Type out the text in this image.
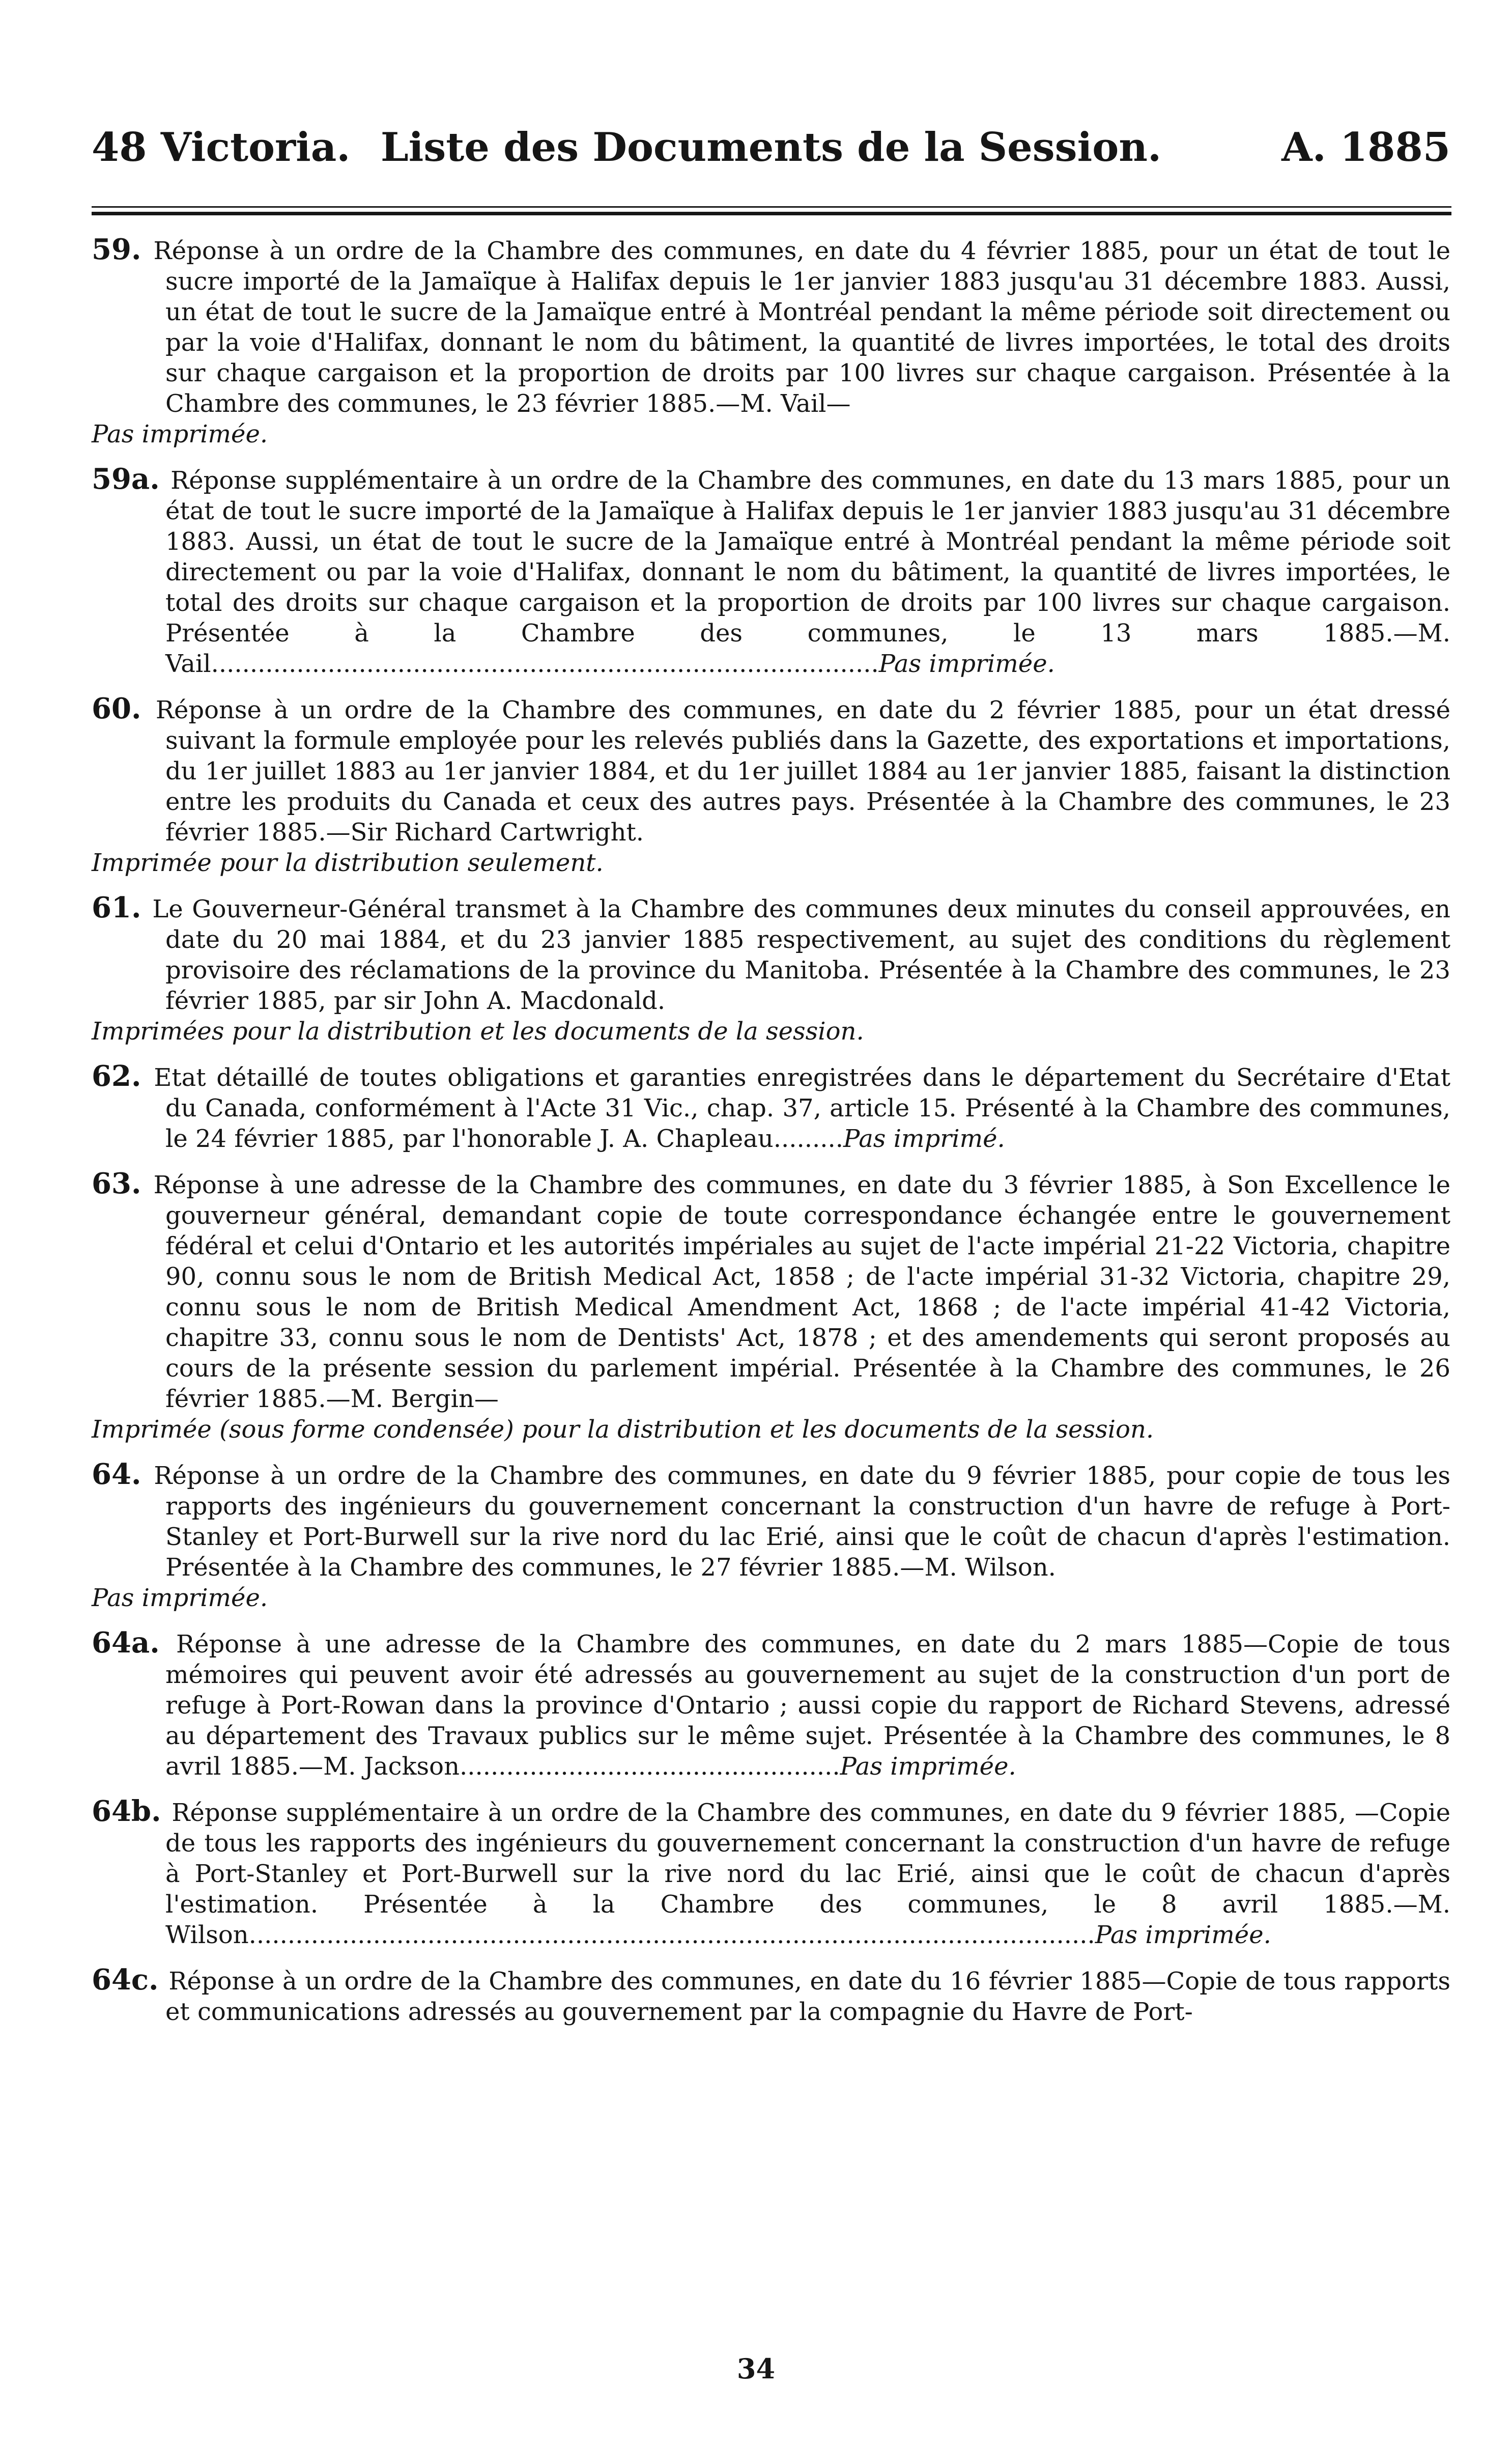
48 Victoria. Liste des Documents de la Session.	A. 1885

59. Réponse à un ordre de la Chambre des communes, en date du 4 février 1885, pour un état de tout le sucre importé de la Jamaïque à Halifax depuis le 1er janvier 1883 jusqu'au 31 décembre 1883. Aussi, un état de tout le sucre de la Jamaïque entré à Montréal pendant la même période soit directement ou par la voie d'Halifax, donnant le nom du bâtiment, la quantité de livres importées, le total des droits sur chaque cargaison et la proportion de droits par 100 livres sur chaque cargaison. Présentée à la Chambre des communes, le 23 février 1885.—M. Vail—

Pas imprimée.

59a. Réponse supplémentaire à un ordre de la Chambre des communes, en date du 13 mars 1885, pour un état de tout le sucre importé de la Jamaïque à Halifax depuis le 1er janvier 1883 jusqu'au 31 décembre 1883. Aussi, un état de tout le sucre de la Jamaïque entré à Montréal pendant la même période soit directement ou par la voie d'Halifax, donnant le nom du bâtiment, la quantité de livres importées, le total des droits sur chaque cargaison et la proportion de droits par 100 livres sur chaque cargaison. Présentée à la Chambre des communes, le 13 mars 1885.—M. Vail......................................................................................Pas imprimée.

60. Réponse à un ordre de la Chambre des communes, en date du 2 février 1885, pour un état dressé suivant la formule employée pour les relevés publiés dans la Gazette, des exportations et importations, du 1er juillet 1883 au 1er janvier 1884, et du 1er juillet 1884 au 1er janvier 1885, faisant la distinction entre les produits du Canada et ceux des autres pays. Présentée à la Chambre des communes, le 23 février 1885.—Sir Richard Cartwright.

Imprimée pour la distribution seulement.

61. Le Gouverneur-Général transmet à la Chambre des communes deux minutes du conseil approuvées, en date du 20 mai 1884, et du 23 janvier 1885 respectivement, au sujet des conditions du règlement provisoire des réclamations de la province du Manitoba. Présentée à la Chambre des communes, le 23 février 1885, par sir John A. Macdonald.

Imprimées pour la distribution et les documents de la session.

62. Etat détaillé de toutes obligations et garanties enregistrées dans le département du Secrétaire d'Etat du Canada, conformément à l'Acte 31 Vic., chap. 37, article 15. Présenté à la Chambre des communes, le 24 février 1885, par l'honorable J. A. Chapleau.........Pas imprimé.

63. Réponse à une adresse de la Chambre des communes, en date du 3 février 1885, à Son Excellence le gouverneur général, demandant copie de toute correspondance échangée entre le gouvernement fédéral et celui d'Ontario et les autorités impériales au sujet de l'acte impérial 21-22 Victoria, chapitre 90, connu sous le nom de British Medical Act, 1858 ; de l'acte impérial 31-32 Victoria, chapitre 29, connu sous le nom de British Medical Amendment Act, 1868 ; de l'acte impérial 41-42 Victoria, chapitre 33, connu sous le nom de Dentists' Act, 1878 ; et des amendements qui seront proposés au cours de la présente session du parlement impérial. Présentée à la Chambre des communes, le 26 février 1885.—M. Bergin—

Imprimée (sous forme condensée) pour la distribution et les documents de la session.

64. Réponse à un ordre de la Chambre des communes, en date du 9 février 1885, pour copie de tous les rapports des ingénieurs du gouvernement concernant la construction d'un havre de refuge à Port-Stanley et Port-Burwell sur la rive nord du lac Erié, ainsi que le coût de chacun d'après l'estimation. Présentée à la Chambre des communes, le 27 février 1885.—M. Wilson.

Pas imprimée.

64a. Réponse à une adresse de la Chambre des communes, en date du 2 mars 1885—Copie de tous mémoires qui peuvent avoir été adressés au gouvernement au sujet de la construction d'un port de refuge à Port-Rowan dans la province d'Ontario ; aussi copie du rapport de Richard Stevens, adressé au département des Travaux publics sur le même sujet. Présentée à la Chambre des communes, le 8 avril 1885.—M. Jackson.................................................Pas imprimée.

64b. Réponse supplémentaire à un ordre de la Chambre des communes, en date du 9 février 1885, —Copie de tous les rapports des ingénieurs du gouvernement concernant la construction d'un havre de refuge à Port-Stanley et Port-Burwell sur la rive nord du lac Erié, ainsi que le coût de chacun d'après l'estimation. Présentée à la Chambre des communes, le 8 avril 1885.—M. Wilson.............................................................................................................Pas imprimée.

64c. Réponse à un ordre de la Chambre des communes, en date du 16 février 1885—Copie de tous rapports et communications adressés au gouvernement par la compagnie du Havre de Port-

34
